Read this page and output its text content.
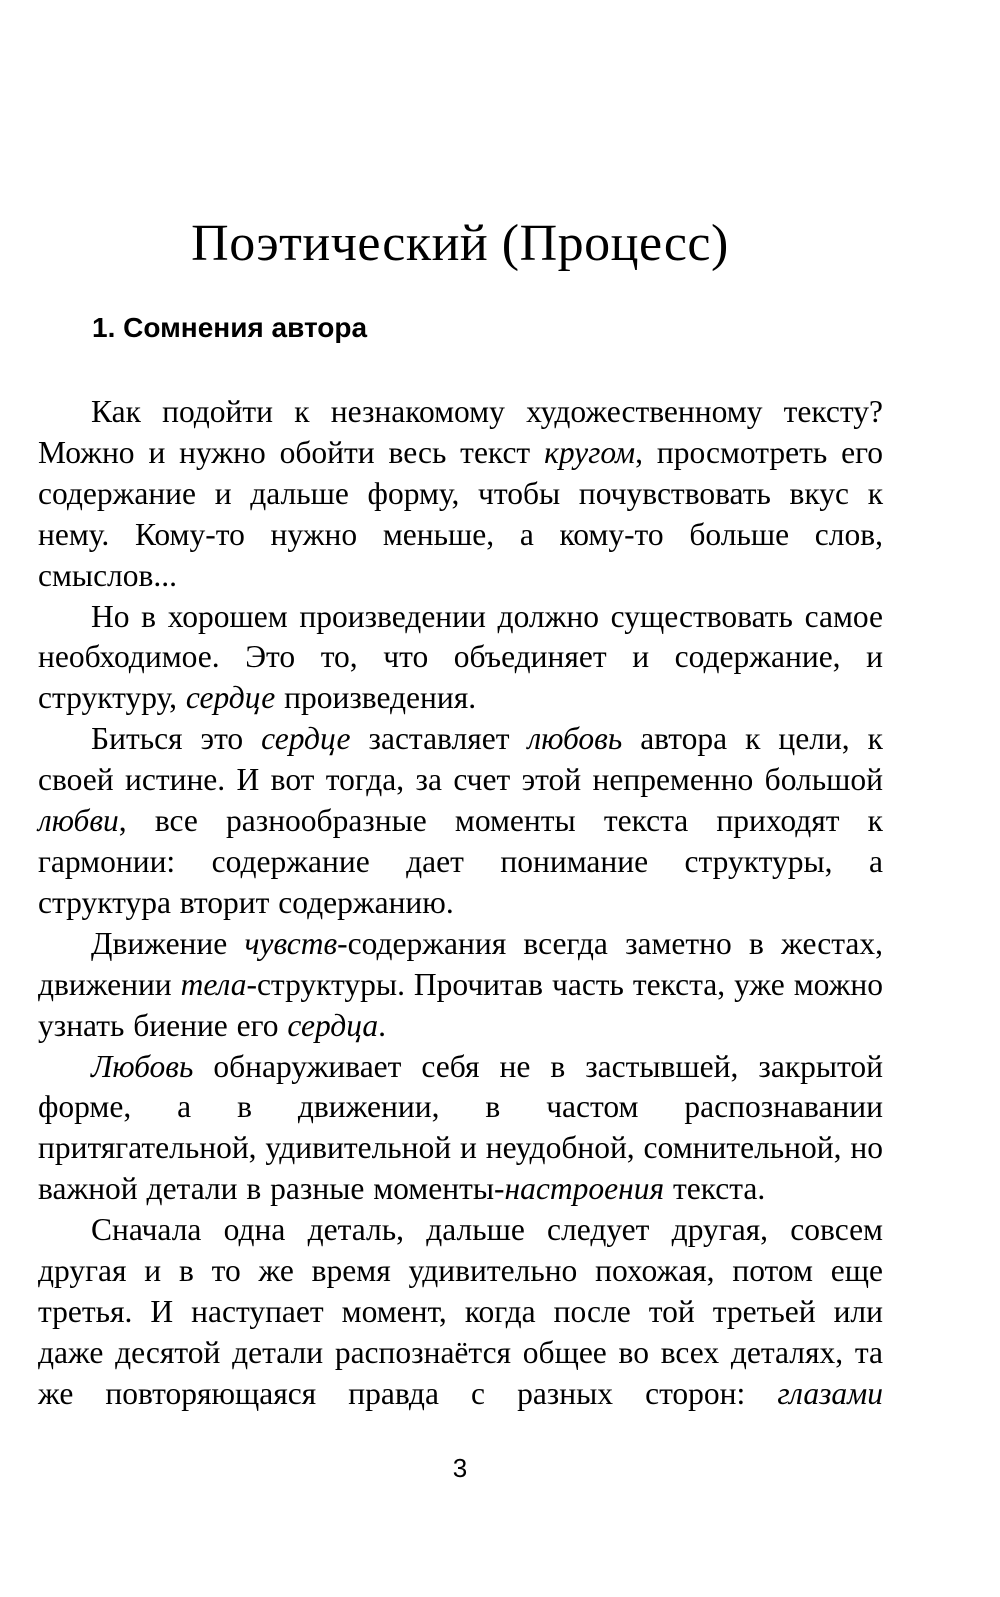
Поэтический (Процесс)
1. Сомнения автора

Как подойти к незнакомому художественному тексту? Можно и нужно обойти весь текст кругом, просмотреть его содержание и дальше форму, чтобы почувствовать вкус к нему. Кому-то нужно меньше, а кому-то больше слов, смыслов...

Но в хорошем произведении должно существовать самое необходимое. Это то, что объединяет и содержание, и структуру, сердце произведения.

Биться это сердце заставляет любовь автора к цели, к своей истине. И вот тогда, за счет этой непременно большой любви, все разнообразные моменты текста приходят к гармонии: содержание дает понимание структуры, а структура вторит содержанию.

Движение чувств-содержания всегда заметно в жестах, движении тела-структуры. Прочитав часть текста, уже можно узнать биение его сердца.

Любовь обнаруживает себя не в застывшей, закрытой форме, а в движении, в частом распознавании притягательной, удивительной и неудобной, сомнительной, но важной детали в разные моменты-настроения текста.

Сначала одна деталь, дальше следует другая, совсем другая и в то же время удивительно похожая, потом еще третья. И наступает момент, когда после той третьей или даже десятой детали распознаётся общее во всех деталях, та же повторяющаяся правда с разных сторон: глазами

3
